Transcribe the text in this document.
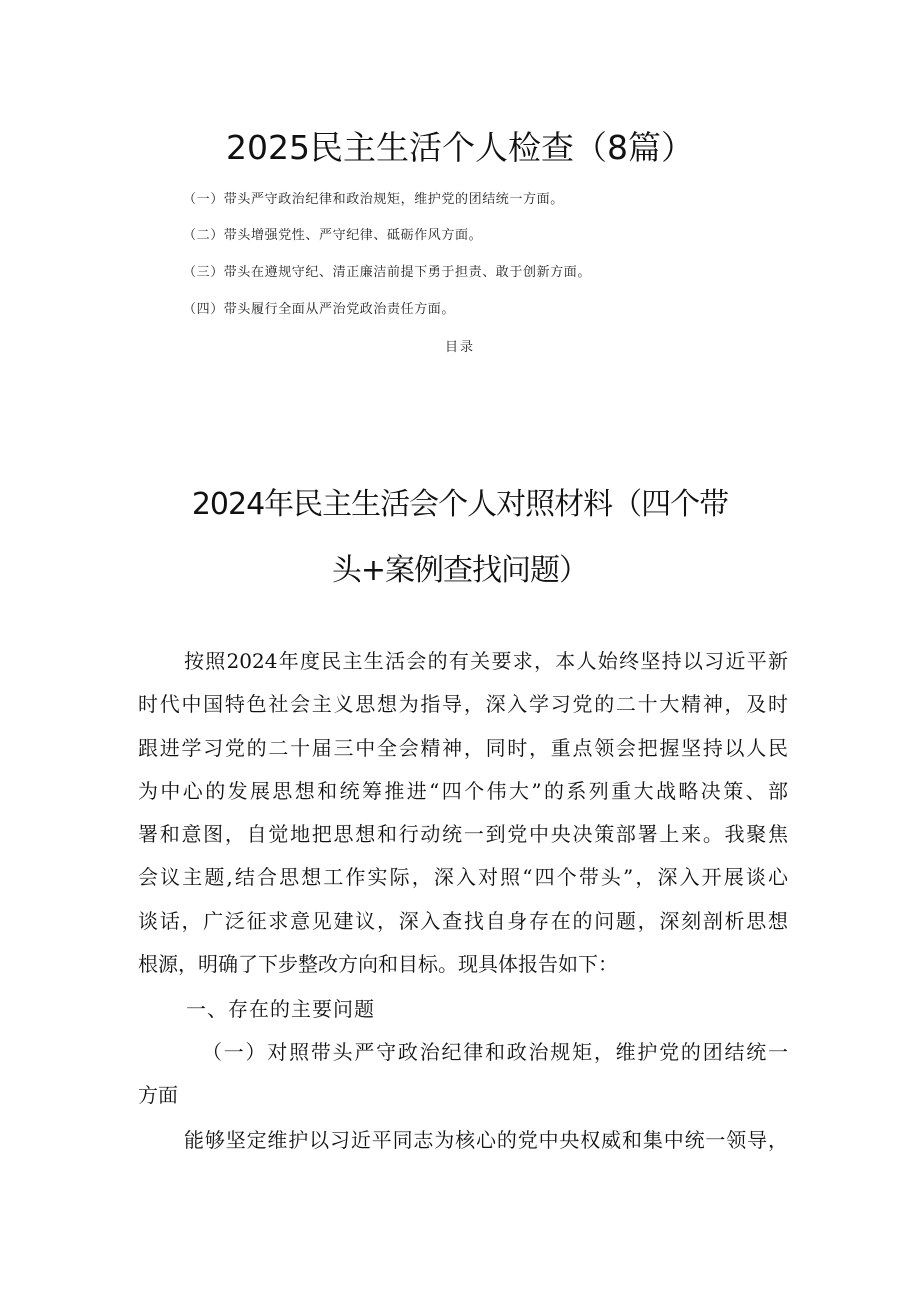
2025民主生活个人检查（8篇）
（一）带头严守政治纪律和政治规矩，维护党的团结统一方面。
（二）带头增强党性、严守纪律、砥砺作风方面。
（三）带头在遵规守纪、清正廉洁前提下勇于担责、敢于创新方面。
（四）带头履行全面从严治党政治责任方面。
目录
2024年民主生活会个人对照材料（四个带
头+案例查找问题）
按照2024年度民主生活会的有关要求，本人始终坚持以习近平新
时代中国特色社会主义思想为指导，深入学习党的二十大精神，及时
跟进学习党的二十届三中全会精神，同时，重点领会把握坚持以人民
为中心的发展思想和统筹推进“四个伟大”的系列重大战略决策、部
署和意图，自觉地把思想和行动统一到党中央决策部署上来。我聚焦
会议主题,结合思想工作实际，深入对照“四个带头”，深入开展谈心
谈话，广泛征求意见建议，深入查找自身存在的问题，深刻剖析思想
根源，明确了下步整改方向和目标。现具体报告如下：
一、存在的主要问题
（一）对照带头严守政治纪律和政治规矩，维护党的团结统一
方面
能够坚定维护以习近平同志为核心的党中央权威和集中统一领导，
